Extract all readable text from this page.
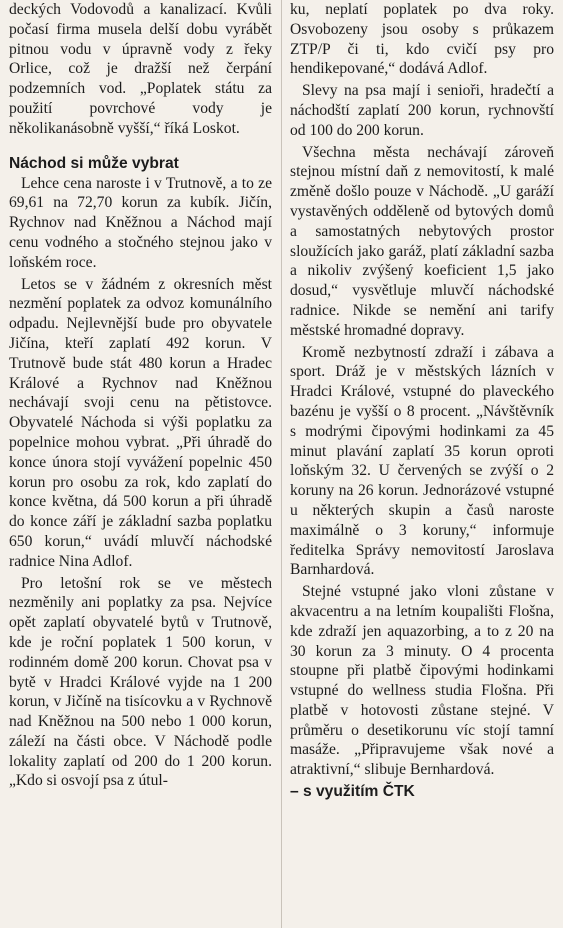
deckých Vodovodů a kanalizací. Kvůli počasí firma musela delší dobu vyrábět pitnou vodu v úpravně vody z řeky Orlice, což je dražší než čerpání podzemních vod. „Poplatek státu za použití povrchové vody je několikanásobně vyšší,“ říká Loskot.

Náchod si může vybrat

Lehce cena naroste i v Trutnově, a to ze 69,61 na 72,70 korun za kubík. Jičín, Rychnov nad Kněžnou a Náchod mají cenu vodného a stočného stejnou jako v loňském roce.

Letos se v žádném z okresních měst nezmění poplatek za odvoz komunálního odpadu. Nejlevnější bude pro obyvatele Jičína, kteří zaplatí 492 korun. V Trutnově bude stát 480 korun a Hradec Králové a Rychnov nad Kněžnou nechávají svoji cenu na pětistovce. Obyvatelé Náchoda si výši poplatku za popelnice mohou vybrat. „Při úhradě do konce února stojí vyvážení popelnic 450 korun pro osobu za rok, kdo zaplatí do konce května, dá 500 korun a při úhradě do konce září je základní sazba poplatku 650 korun,“ uvádí mluvčí náchodské radnice Nina Adlof.

Pro letošní rok se ve městech nezměnily ani poplatky za psa. Nejvíce opět zaplatí obyvatelé bytů v Trutnově, kde je roční poplatek 1 500 korun, v rodinném domě 200 korun. Chovat psa v bytě v Hradci Králové vyjde na 1 200 korun, v Jičíně na tisícovku a v Rychnově nad Kněžnou na 500 nebo 1 000 korun, záleží na části obce. V Náchodě podle lokality zaplatí od 200 do 1 200 korun. „Kdo si osvojí psa z útul-

ku, neplatí poplatek po dva roky. Osvobozeny jsou osoby s průkazem ZTP/P či ti, kdo cvičí psy pro hendikepované,“ dodává Adlof.

Slevy na psa mají i senioři, hradečtí a náchodští zaplatí 200 korun, rychnovští od 100 do 200 korun.

Všechna města nechávají zároveň stejnou místní daň z nemovitostí, k malé změně došlo pouze v Náchodě. „U garáží vystavěných odděleně od bytových domů a samostatných nebytových prostor sloužících jako garáž, platí základní sazba a nikoliv zvýšený koeficient 1,5 jako dosud,“ vysvětluje mluvčí náchodské radnice. Nikde se nemění ani tarify městské hromadné dopravy.

Kromě nezbytností zdraží i zábava a sport. Dráž je v městských lázních v Hradci Králové, vstupné do plaveckého bazénu je vyšší o 8 procent. „Návštěvník s modrými čipovými hodinkami za 45 minut plavání zaplatí 35 korun oproti loňským 32. U červených se zvýší o 2 koruny na 26 korun. Jednorázové vstupné u některých skupin a časů naroste maximálně o 3 koruny,“ informuje ředitelka Správy nemovitostí Jaroslava Barnhardová.

Stejné vstupné jako vloni zůstane v akvacentru a na letním koupališti Flošna, kde zdraží jen aquazorbing, a to z 20 na 30 korun za 3 minuty. O 4 procenta stoupne při platbě čipovými hodinkami vstupné do wellness studia Flošna. Při platbě v hotovosti zůstane stejné. V průměru o desetikorunu víc stojí tamní masáže. „Připravujeme však nové a atraktivní,“ slibuje Bernhardová.

– s využitím ČTK
